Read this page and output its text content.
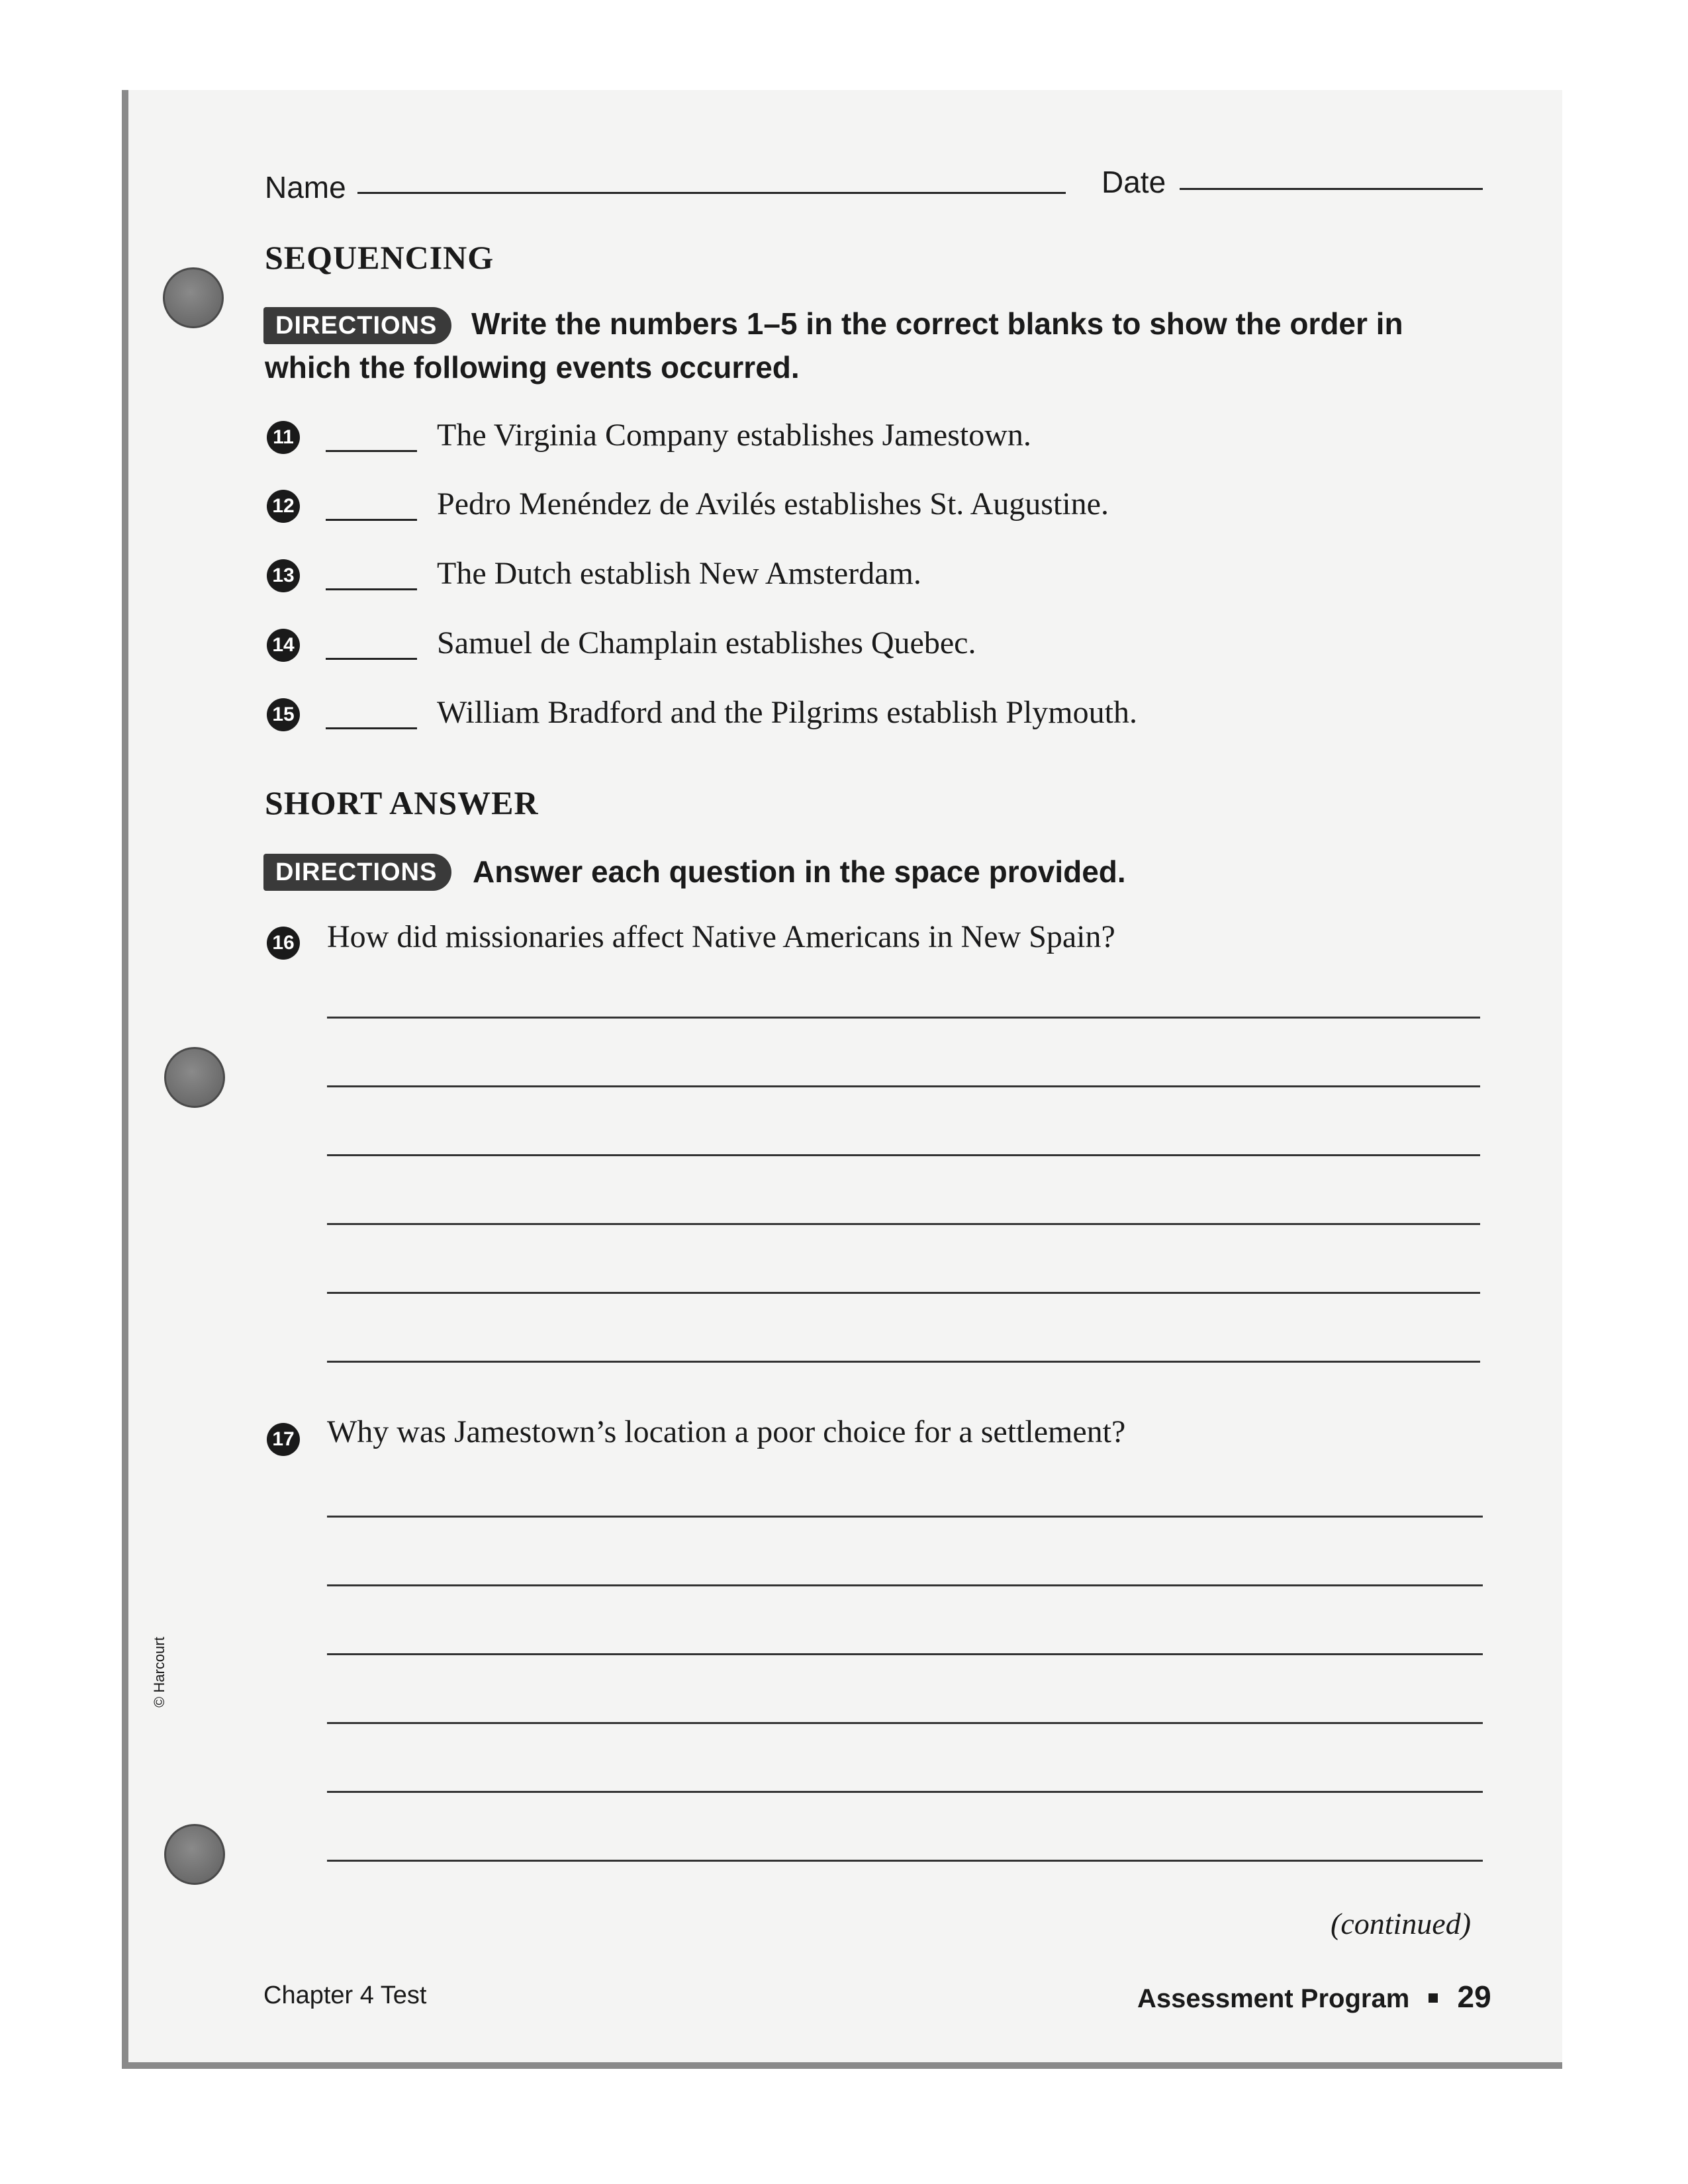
© Harcourt
Name	Date
SEQUENCING
DIRECTIONS	Write the numbers 1–5 in the correct blanks to show the order in which the following events occurred.
11	The Virginia Company establishes Jamestown.
12	Pedro Menéndez de Avilés establishes St. Augustine.
13	The Dutch establish New Amsterdam.
14	Samuel de Champlain establishes Quebec.
15	William Bradford and the Pilgrims establish Plymouth.
SHORT ANSWER
DIRECTIONS	Answer each question in the space provided.
16 How did missionaries affect Native Americans in New Spain?
17 Why was Jamestown’s location a poor choice for a settlement?
(continued)
Chapter 4 Test	Assessment Program 29
